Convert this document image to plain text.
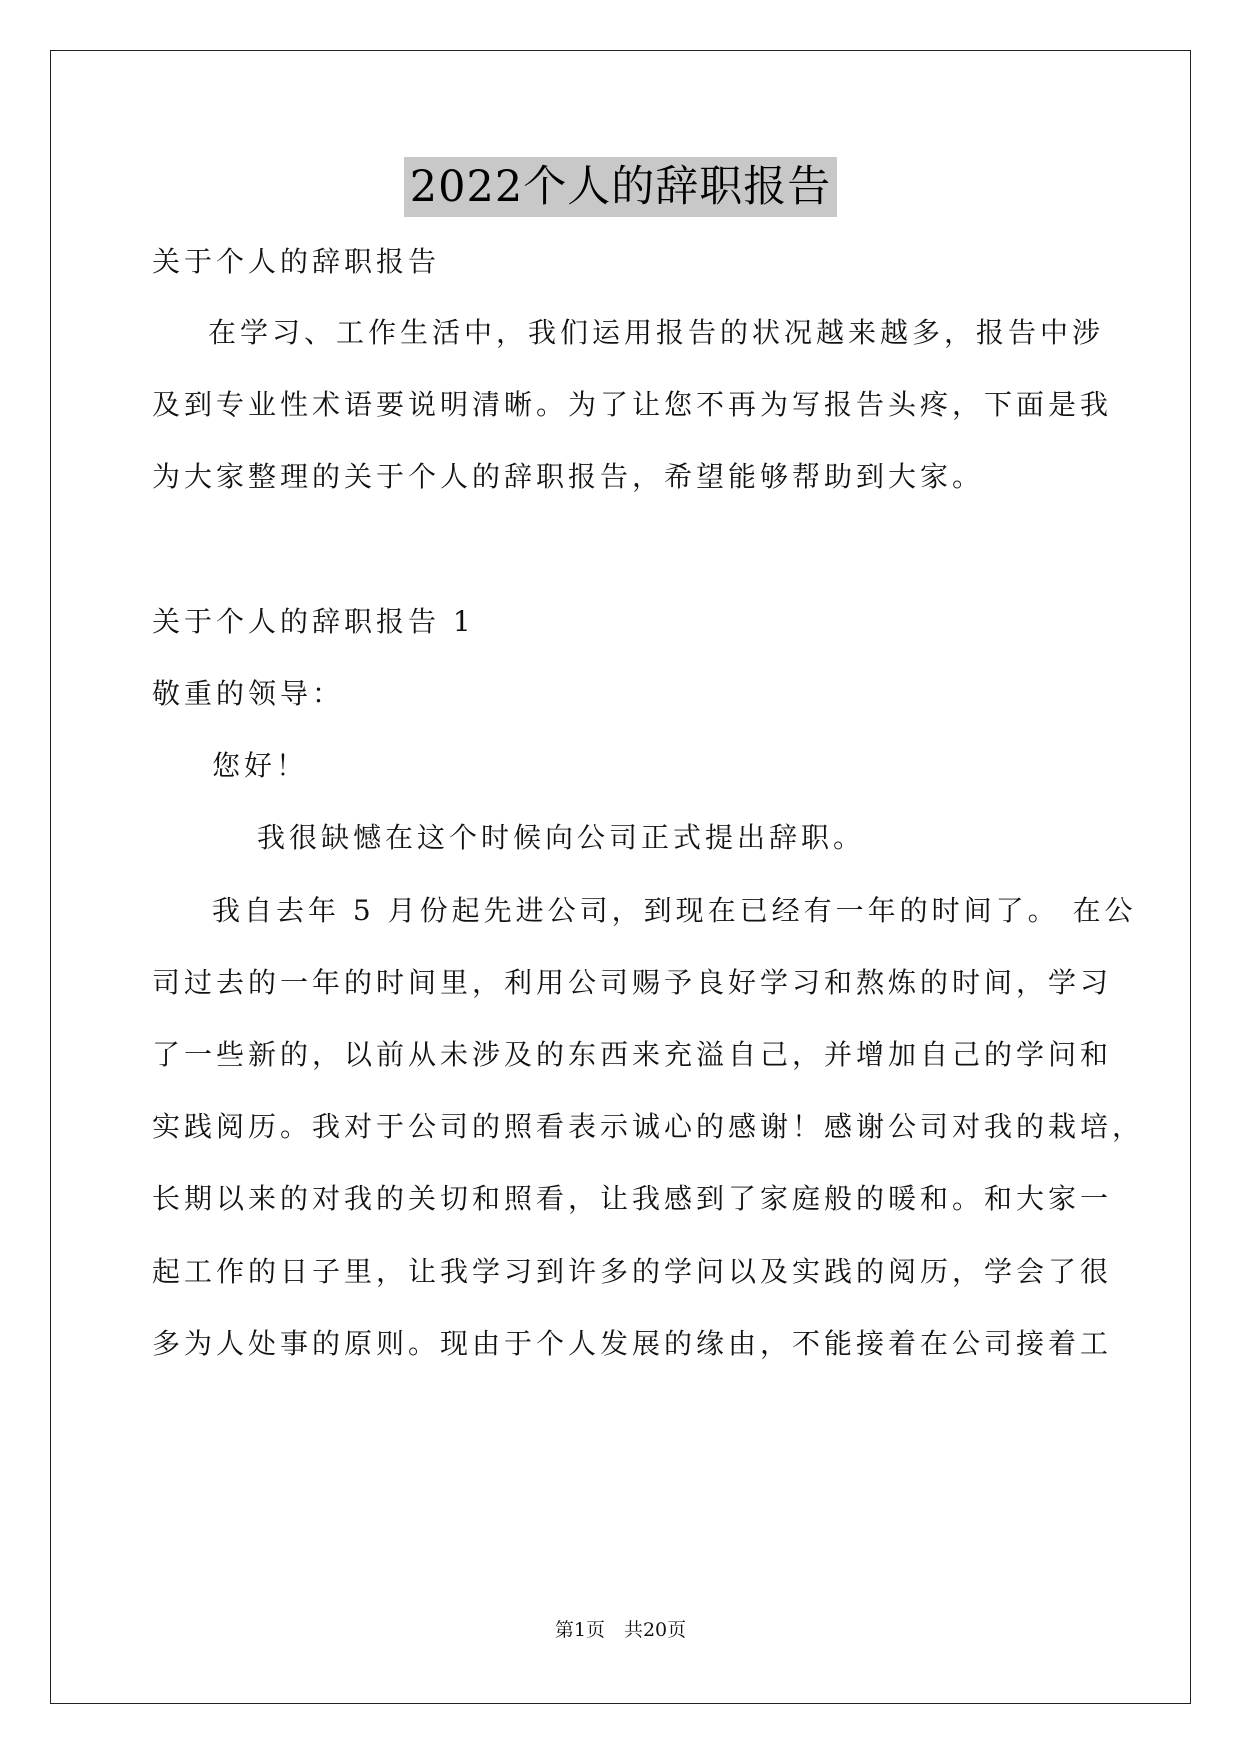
2022个人的辞职报告

关于个人的辞职报告

在学习、工作生活中，我们运用报告的状况越来越多，报告中涉

及到专业性术语要说明清晰。为了让您不再为写报告头疼，下面是我

为大家整理的关于个人的辞职报告，希望能够帮助到大家。

关于个人的辞职报告 1

敬重的领导：

您好！

我很缺憾在这个时候向公司正式提出辞职。

我自去年 5 月份起先进公司，到现在已经有一年的时间了。 在公

司过去的一年的时间里，利用公司赐予良好学习和熬炼的时间，学习

了一些新的，以前从未涉及的东西来充溢自己，并增加自己的学问和

实践阅历。我对于公司的照看表示诚心的感谢！感谢公司对我的栽培，

长期以来的对我的关切和照看，让我感到了家庭般的暖和。和大家一

起工作的日子里，让我学习到许多的学问以及实践的阅历，学会了很

多为人处事的原则。现由于个人发展的缘由，不能接着在公司接着工

第1页　共20页
